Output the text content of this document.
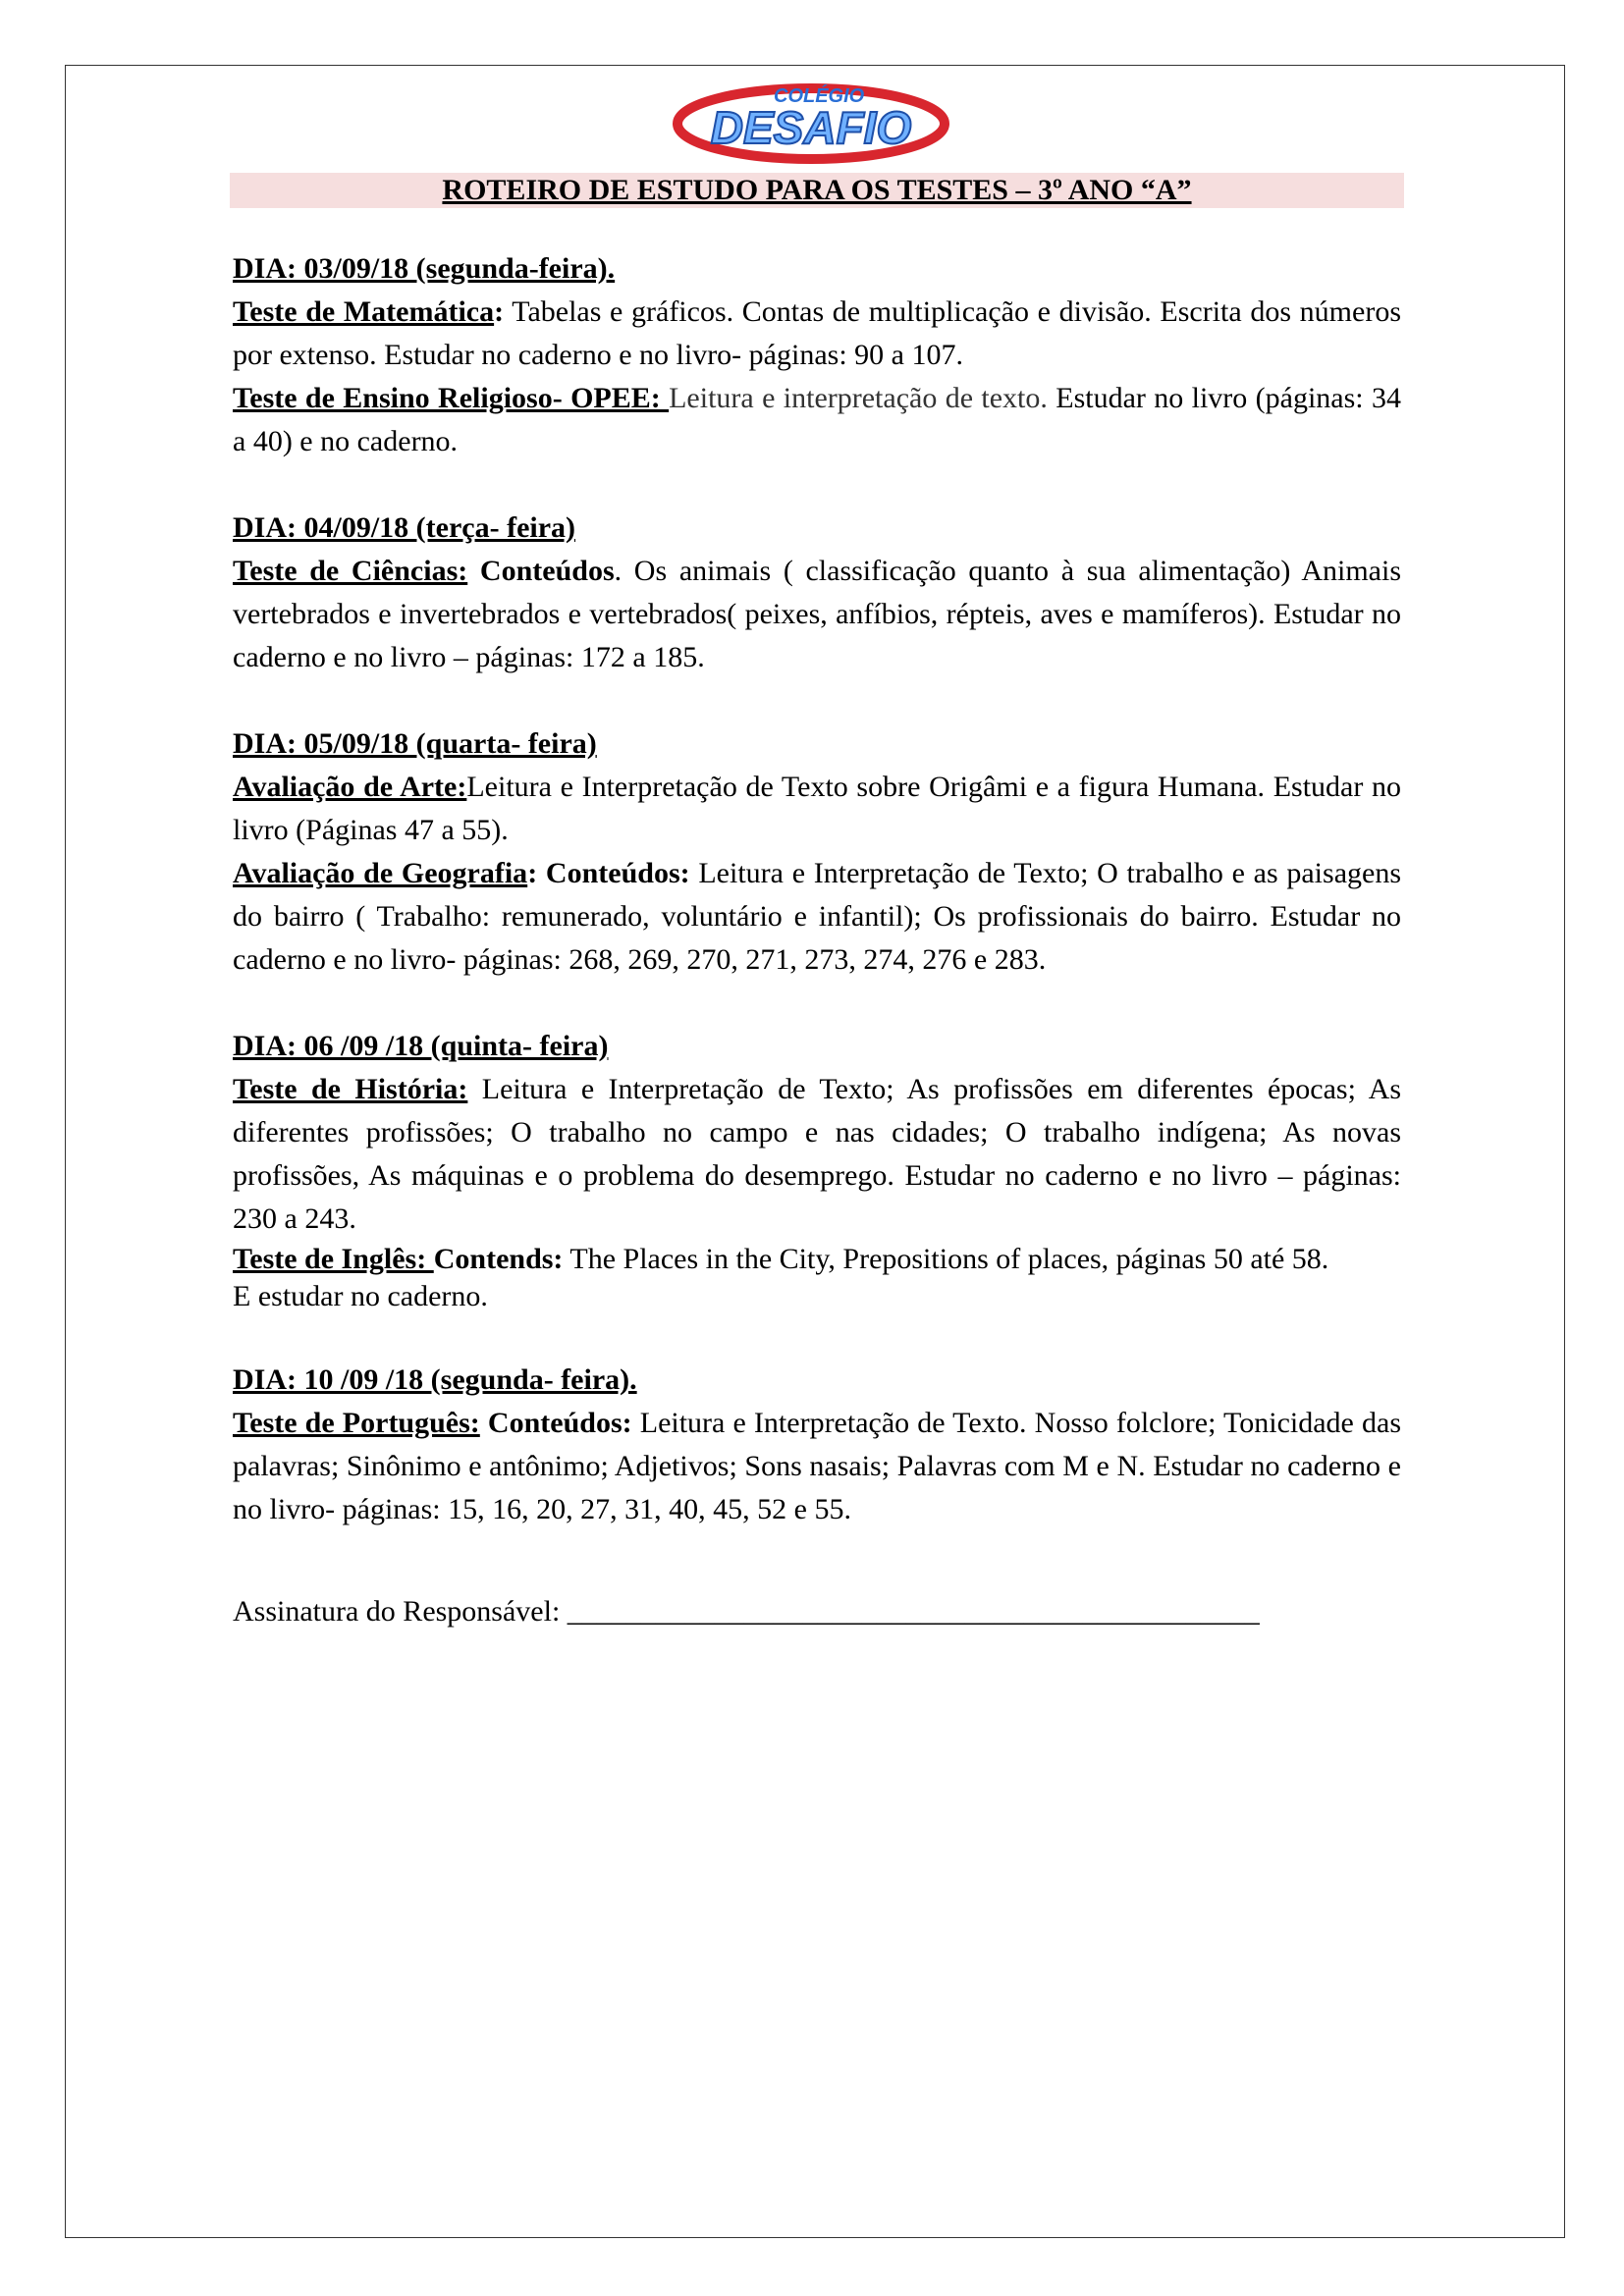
COLÉGIO
DESAFIO
ROTEIRO DE ESTUDO PARA OS TESTES – 3º ANO “A”
DIA: 03/09/18 (segunda-feira).

Teste de Matemática: Tabelas e gráficos. Contas de multiplicação e divisão. Escrita dos números por extenso. Estudar no caderno e no livro- páginas: 90 a 107.

Teste de Ensino Religioso- OPEE: Leitura e interpretação de texto. Estudar no livro (páginas: 34 a 40) e no caderno.

DIA: 04/09/18 (terça- feira)

Teste de Ciências: Conteúdos. Os animais ( classificação quanto à sua alimentação) Animais vertebrados e invertebrados e vertebrados( peixes, anfíbios, répteis, aves e mamíferos). Estudar no caderno e no livro – páginas: 172 a 185.

DIA: 05/09/18 (quarta- feira)

Avaliação de Arte:Leitura e Interpretação de Texto sobre Origâmi e a figura Humana. Estudar no livro (Páginas 47 a 55).

Avaliação de Geografia: Conteúdos: Leitura e Interpretação de Texto; O trabalho e as paisagens do bairro ( Trabalho: remunerado, voluntário e infantil); Os profissionais do bairro. Estudar no caderno e no livro- páginas: 268, 269, 270, 271, 273, 274, 276 e 283.

DIA: 06 /09 /18 (quinta- feira)

Teste de História: Leitura e Interpretação de Texto; As profissões em diferentes épocas; As diferentes profissões; O trabalho no campo e nas cidades; O trabalho indígena; As novas profissões, As máquinas e o problema do desemprego. Estudar no caderno e no livro – páginas: 230 a 243.

Teste de Inglês: Contends: The Places in the City, Prepositions of places, páginas 50 até 58.

E estudar no caderno.
DIA: 10 /09 /18 (segunda- feira).

Teste de Português: Conteúdos: Leitura e Interpretação de Texto. Nosso folclore; Tonicidade das palavras; Sinônimo e antônimo; Adjetivos; Sons nasais; Palavras com M e N. Estudar no caderno e no livro- páginas: 15, 16, 20, 27, 31, 40, 45, 52 e 55.

Assinatura do Responsável: _______________________________________________
